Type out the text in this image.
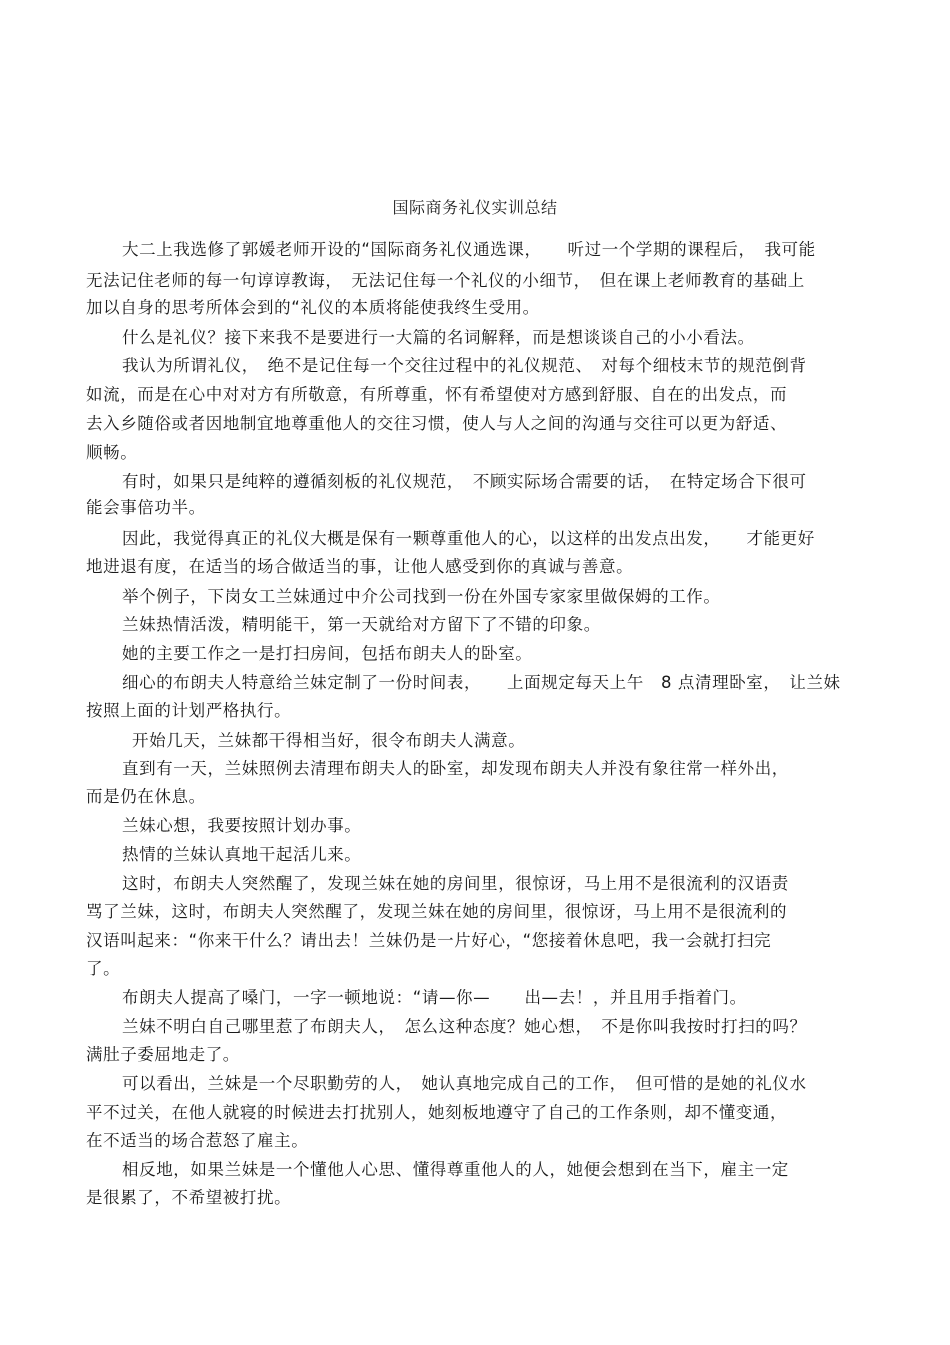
国际商务礼仪实训总结
大二上我选修了郭媛老师开设的“国际商务礼仪通选课，　　听过一个学期的课程后，　我可能
无法记住老师的每一句谆谆教诲，　无法记住每一个礼仪的小细节，　但在课上老师教育的基础上
加以自身的思考所体会到的“礼仪的本质将能使我终生受用。
什么是礼仪？接下来我不是要进行一大篇的名词解释，而是想谈谈自己的小小看法。
我认为所谓礼仪，　绝不是记住每一个交往过程中的礼仪规范、　对每个细枝末节的规范倒背
如流，而是在心中对对方有所敬意，有所尊重，怀有希望使对方感到舒服、自在的出发点，而
去入乡随俗或者因地制宜地尊重他人的交往习惯，使人与人之间的沟通与交往可以更为舒适、
顺畅。
有时，如果只是纯粹的遵循刻板的礼仪规范，　不顾实际场合需要的话，　在特定场合下很可
能会事倍功半。
因此，我觉得真正的礼仪大概是保有一颗尊重他人的心，以这样的出发点出发，　　才能更好
地进退有度，在适当的场合做适当的事，让他人感受到你的真诚与善意。
举个例子，下岗女工兰妹通过中介公司找到一份在外国专家家里做保姆的工作。
兰妹热情活泼，精明能干，第一天就给对方留下了不错的印象。
她的主要工作之一是打扫房间，包括布朗夫人的卧室。
细心的布朗夫人特意给兰妹定制了一份时间表，　　上面规定每天上午　8 点清理卧室，　让兰妹
按照上面的计划严格执行。
开始几天，兰妹都干得相当好，很令布朗夫人满意。
直到有一天，兰妹照例去清理布朗夫人的卧室，却发现布朗夫人并没有象往常一样外出，
而是仍在休息。
兰妹心想，我要按照计划办事。
热情的兰妹认真地干起活儿来。
这时，布朗夫人突然醒了，发现兰妹在她的房间里，很惊讶，马上用不是很流利的汉语责
骂了兰妹，这时，布朗夫人突然醒了，发现兰妹在她的房间里，很惊讶，马上用不是很流利的
汉语叫起来：“你来干什么？请出去！兰妹仍是一片好心，“您接着休息吧，我一会就打扫完
了。
布朗夫人提高了嗓门，一字一顿地说：“请—你—　　出—去！，并且用手指着门。
兰妹不明白自己哪里惹了布朗夫人，　怎么这种态度？她心想，　不是你叫我按时打扫的吗？
满肚子委屈地走了。
可以看出，兰妹是一个尽职勤劳的人，　她认真地完成自己的工作，　但可惜的是她的礼仪水
平不过关，在他人就寝的时候进去打扰别人，她刻板地遵守了自己的工作条则，却不懂变通，
在不适当的场合惹怒了雇主。
相反地，如果兰妹是一个懂他人心思、懂得尊重他人的人，她便会想到在当下，雇主一定
是很累了，不希望被打扰。
